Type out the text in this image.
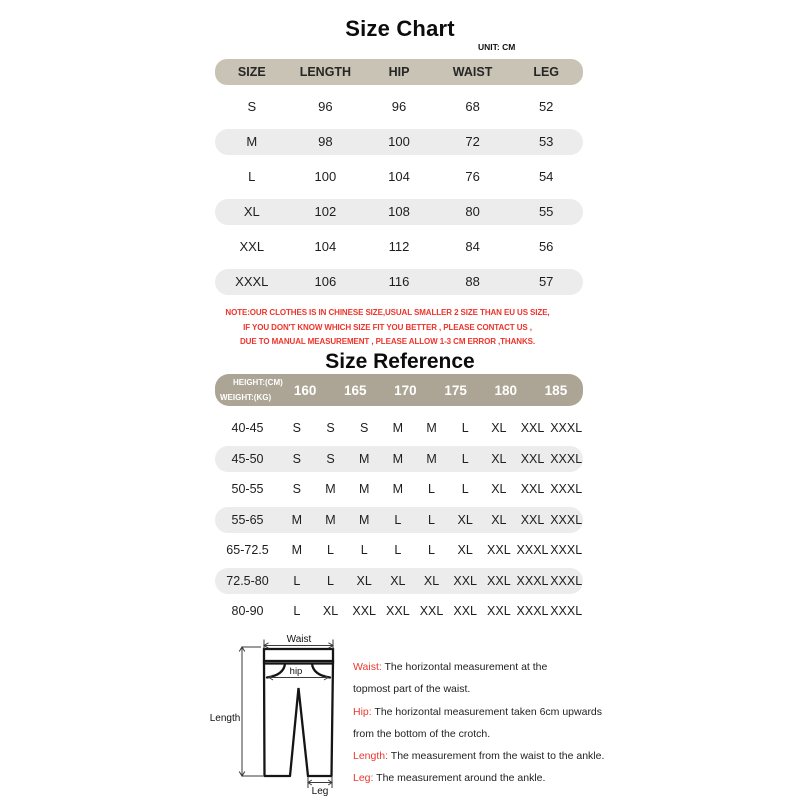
Size Chart
UNIT: CM
SIZE	LENGTH	HIP	WAIST	LEG
S	96	96	68	52
M	98	100	72	53
L	100	104	76	54
XL	102	108	80	55
XXL	104	112	84	56
XXXL	106	116	88	57

NOTE:OUR CLOTHES IS IN CHINESE SIZE,USUAL SMALLER 2 SIZE THAN EU US SIZE,

IF YOU DON'T KNOW WHICH SIZE FIT YOU BETTER , PLEASE CONTACT US ,

DUE TO MANUAL MEASUREMENT , PLEASE ALLOW 1-3 CM ERROR ,THANKS.

Size Reference
HEIGHT:(CM)
WEIGHT:(KG)	160	165	170	175	180	185
40-45	S	S	S	M	M	L	XL	XXL XXXL
45-50	S	S	M	M	M	L	XL	XXL XXXL
50-55	S	M	M	M	L	L	XL	XXL XXXL
55-65	M	M	M	L	L	XL	XL	XXL XXXL
65-72.5	M	L	L	L	L	XL	XXL XXXL XXXL
72.5-80	L	L	XL	XL	XL	XXL XXL XXXL XXXL
80-90	L	XL	XXL XXL XXL XXL XXL XXXL XXXL
Waist
hip
Length
Leg
Waist: The horizontal measurement at the
topmost part of the waist.
Hip: The horizontal measurement taken 6cm upwards
from the bottom of the crotch.
Length: The measurement from the waist to the ankle.
Leg: The measurement around the ankle.
